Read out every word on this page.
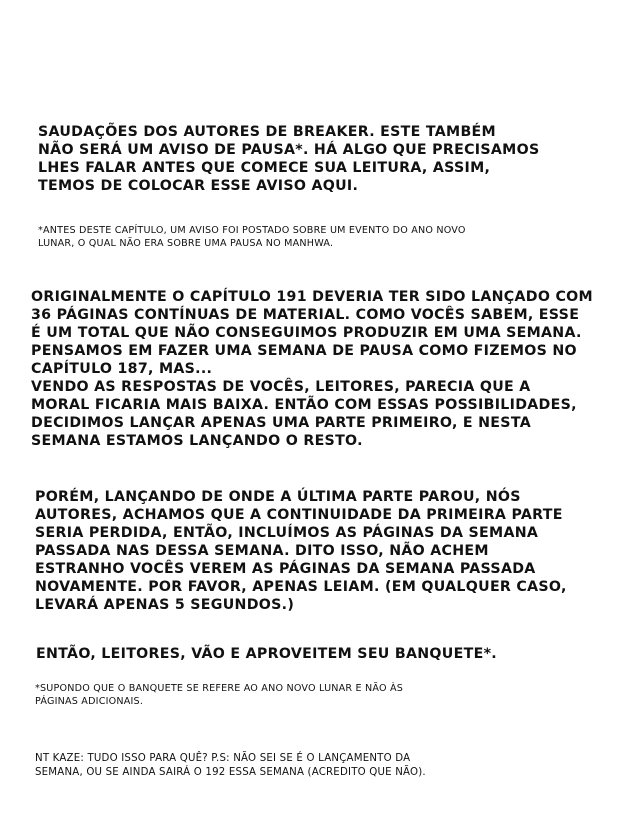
SAUDAÇÕES DOS AUTORES DE BREAKER. ESTE TAMBÉM
NÃO SERÁ UM AVISO DE PAUSA*. HÁ ALGO QUE PRECISAMOS
LHES FALAR ANTES QUE COMECE SUA LEITURA, ASSIM,
TEMOS DE COLOCAR ESSE AVISO AQUI.

*ANTES DESTE CAPÍTULO, UM AVISO FOI POSTADO SOBRE UM EVENTO DO ANO NOVO
LUNAR, O QUAL NÃO ERA SOBRE UMA PAUSA NO MANHWA.

ORIGINALMENTE O CAPÍTULO 191 DEVERIA TER SIDO LANÇADO COM
36 PÁGINAS CONTÍNUAS DE MATERIAL. COMO VOCÊS SABEM, ESSE
É UM TOTAL QUE NÃO CONSEGUIMOS PRODUZIR EM UMA SEMANA.
PENSAMOS EM FAZER UMA SEMANA DE PAUSA COMO FIZEMOS NO
CAPÍTULO 187, MAS...
VENDO AS RESPOSTAS DE VOCÊS, LEITORES, PARECIA QUE A
MORAL FICARIA MAIS BAIXA. ENTÃO COM ESSAS POSSIBILIDADES,
DECIDIMOS LANÇAR APENAS UMA PARTE PRIMEIRO, E NESTA
SEMANA ESTAMOS LANÇANDO O RESTO.

PORÉM, LANÇANDO DE ONDE A ÚLTIMA PARTE PAROU, NÓS
AUTORES, ACHAMOS QUE A CONTINUIDADE DA PRIMEIRA PARTE
SERIA PERDIDA, ENTÃO, INCLUÍMOS AS PÁGINAS DA SEMANA
PASSADA NAS DESSA SEMANA. DITO ISSO, NÃO ACHEM
ESTRANHO VOCÊS VEREM AS PÁGINAS DA SEMANA PASSADA
NOVAMENTE. POR FAVOR, APENAS LEIAM. (EM QUALQUER CASO,
LEVARÁ APENAS 5 SEGUNDOS.)

ENTÃO, LEITORES, VÃO E APROVEITEM SEU BANQUETE*.

*SUPONDO QUE O BANQUETE SE REFERE AO ANO NOVO LUNAR E NÃO ÀS
PÁGINAS ADICIONAIS.

NT KAZE: TUDO ISSO PARA QUÊ? P.S: NÃO SEI SE É O LANÇAMENTO DA
SEMANA, OU SE AINDA SAIRÁ O 192 ESSA SEMANA (ACREDITO QUE NÃO).
